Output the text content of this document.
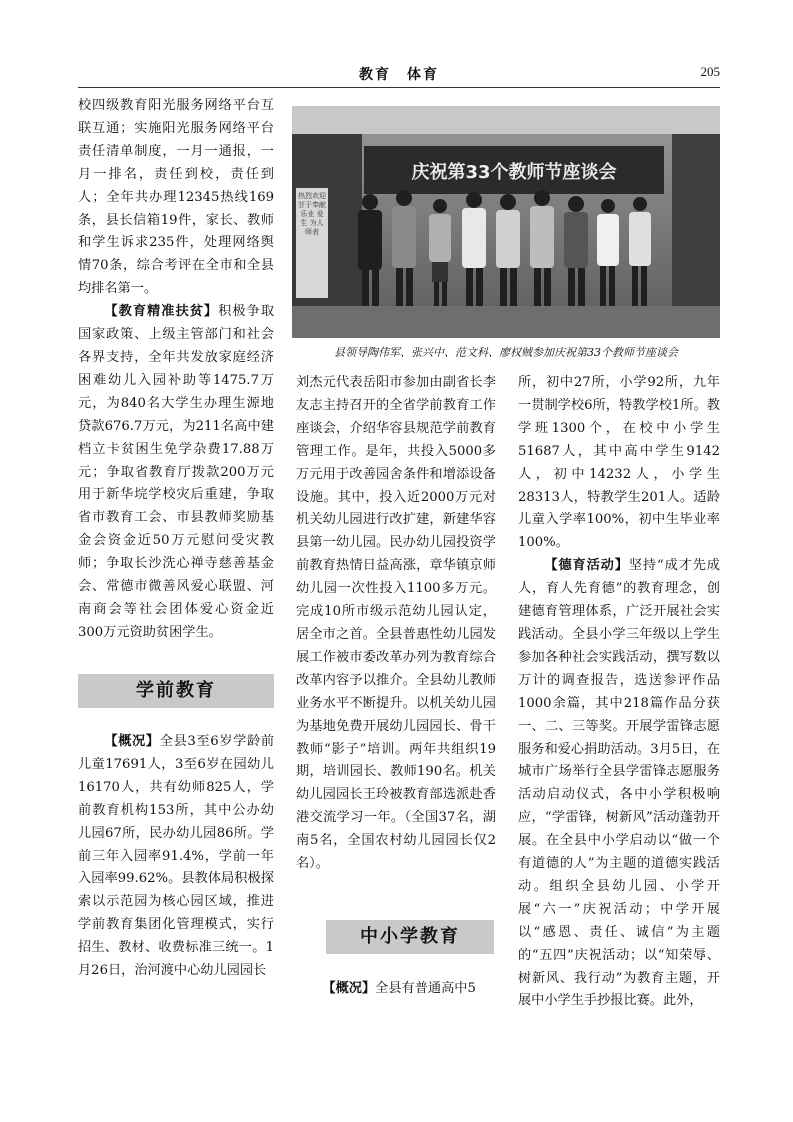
教育　体育	205

校四级教育阳光服务网络平台互联互通；实施阳光服务网络平台责任清单制度，一月一通报，一月一排名，责任到校，责任到人；全年共办理12345热线169条，县长信箱19件，家长、教师和学生诉求235件，处理网络舆情70条，综合考评在全市和全县均排名第一。

【教育精准扶贫】积极争取国家政策、上级主管部门和社会各界支持，全年共发放家庭经济困难幼儿入园补助等1475.7万元，为840名大学生办理生源地贷款676.7万元，为211名高中建档立卡贫困生免学杂费17.88万元；争取省教育厅拨款200万元用于新华垸学校灾后重建，争取省市教育工会、市县教师奖励基金会资金近50万元慰问受灾教师；争取长沙洗心禅寺慈善基金会、常德市微善风爱心联盟、河南商会等社会团体爱心资金近300万元资助贫困学生。

学前教育

【概况】全县3至6岁学龄前儿童17691人，3至6岁在园幼儿16170人，共有幼师825人，学前教育机构153所，其中公办幼儿园67所，民办幼儿园86所。学前三年入园率91.4%，学前一年入园率99.62%。县教体局积极探索以示范园为核心园区域，推进学前教育集团化管理模式，实行招生、教材、收费标准三统一。1月26日，治河渡中心幼儿园园长

庆祝第33个教师节座谈会
热烈欢迎 甘于奉献 乐业 爱生 为人师表
县领导陶伟军、张兴中、范文科、廖权贼参加庆祝第33个教师节座谈会

刘杰元代表岳阳市参加由副省长李友志主持召开的全省学前教育工作座谈会，介绍华容县规范学前教育管理工作。是年，共投入5000多万元用于改善园舍条件和增添设备设施。其中，投入近2000万元对机关幼儿园进行改扩建，新建华容县第一幼儿园。民办幼儿园投资学前教育热情日益高涨，章华镇京师幼儿园一次性投入1100多万元。完成10所市级示范幼儿园认定，居全市之首。全县普惠性幼儿园发展工作被市委改革办列为教育综合改革内容予以推介。全县幼儿教师业务水平不断提升。以机关幼儿园为基地免费开展幼儿园园长、骨干教师“影子”培训。两年共组织19期，培训园长、教师190名。机关幼儿园园长王玲被教育部选派赴香港交流学习一年。（全国37名，湖南5名，全国农村幼儿园园长仅2名）。

中小学教育

【概况】全县有普通高中5

所，初中27所，小学92所，九年一贯制学校6所，特教学校1所。教学班1300个，在校中小学生51687人，其中高中学生9142人，初中14232人，小学生28313人，特教学生201人。适龄儿童入学率100%，初中生毕业率100%。

【德育活动】坚持“成才先成人，育人先育德”的教育理念，创建德育管理体系，广泛开展社会实践活动。全县小学三年级以上学生参加各种社会实践活动，撰写数以万计的调查报告，选送参评作品1000余篇，其中218篇作品分获一、二、三等奖。开展学雷锋志愿服务和爱心捐助活动。3月5日，在城市广场举行全县学雷锋志愿服务活动启动仪式，各中小学积极响应，“学雷锋，树新风”活动蓬勃开展。在全县中小学启动以“做一个有道德的人”为主题的道德实践活动。组织全县幼儿园、小学开展“六一”庆祝活动；中学开展以“感恩、责任、诚信”为主题的“五四”庆祝活动；以“知荣辱、树新风、我行动”为教育主题，开展中小学生手抄报比赛。此外，
